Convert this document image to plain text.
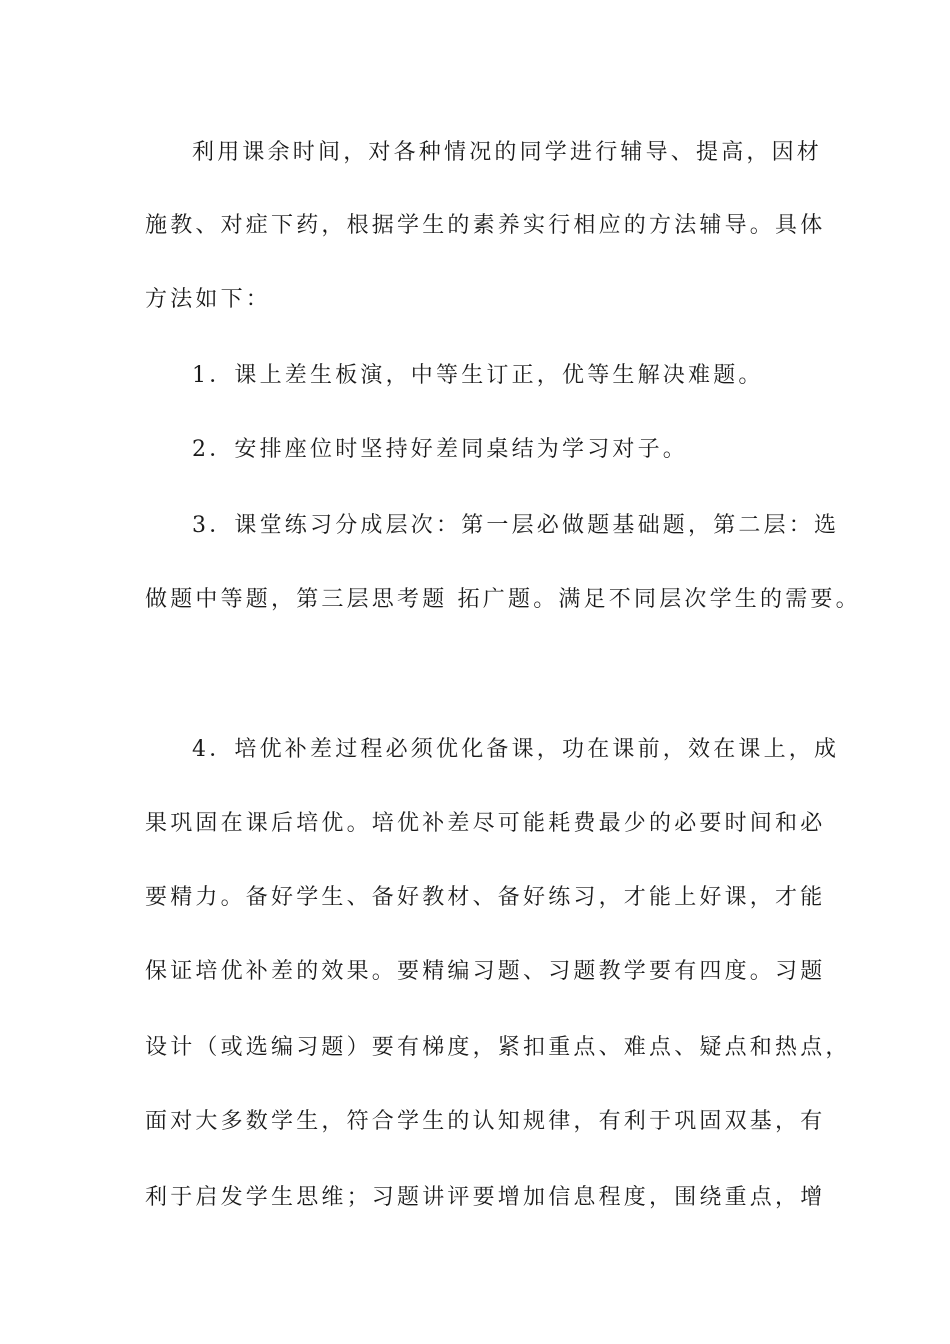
利用课余时间，对各种情况的同学进行辅导、提高，因材
施教、对症下药，根据学生的素养实行相应的方法辅导。具体
方法如下：
1．课上差生板演，中等生订正，优等生解决难题。
2．安排座位时坚持好差同桌结为学习对子。
3．课堂练习分成层次：第一层必做题基础题，第二层：选
做题中等题，第三层思考题 拓广题。满足不同层次学生的需要。
4．培优补差过程必须优化备课，功在课前，效在课上，成
果巩固在课后培优。培优补差尽可能耗费最少的必要时间和必
要精力。备好学生、备好教材、备好练习，才能上好课，才能
保证培优补差的效果。要精编习题、习题教学要有四度。习题
设计（或选编习题）要有梯度，紧扣重点、难点、疑点和热点，
面对大多数学生，符合学生的认知规律，有利于巩固双基，有
利于启发学生思维；习题讲评要增加信息程度，围绕重点，增
